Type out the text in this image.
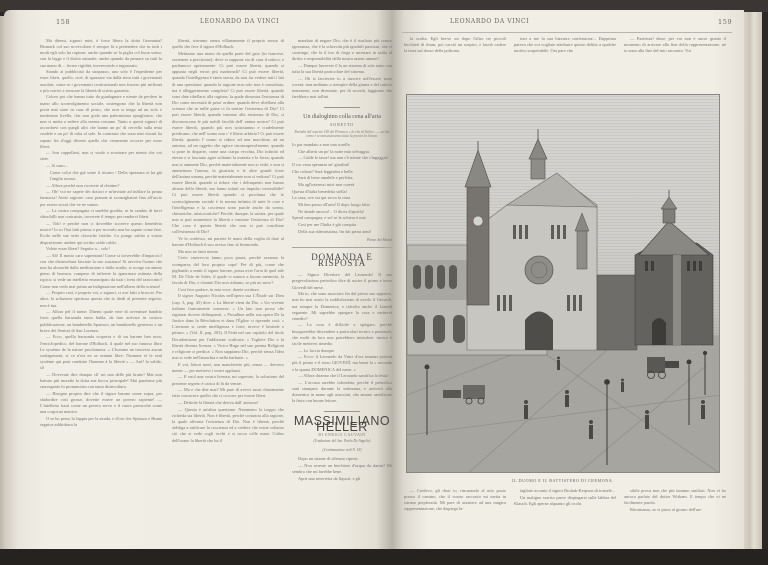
158	LEONARDO DA VINCI

Ma ditemi, signori miei, è forse libera la dotta Germania? Bismark col suo novecolone è sempre là a pretendere che in tutti i modi egli solo ha ragione, anche quando se la piglia col buon senso, con la legge e il diritto naturale, anche quando da pensare su tutti la sua mano di.... ferreo rigidità, inverecondo e ingrassato.

Stando ai pubblicisti da strapazzo, uno solo è l'espediente per esser liberi, quello, cioè, di spazzare via dalla terra tutti i governanti assoluti; come se i governanti costituzionali non fossero più inclinati e più corrivi a troncare la libertà di scritto gazzetta.

Coloro poi che hanno tutto da guadagnare e niente da perdere in mano allo sconvolgimento sociale, sostengono che la libertà non potrà mai stare in casa di posto, che non si tenga ad un solo e medesimo livello, che non goda una palermitana spragliance, che non si metta a sedere alla mensa comune. Tanto a questi signori di accordarvi con quegli altri che hanno un po' di cervello sulla testa crudele e un po' di roba al sole. In contrasto che sono mai vissuti ha saputo fin d'oggi divenir quello che veramente occorre per esser liberi.

— Son cappellani, non ci vuole a scontrare per niente che voi siete.

— Si sono...

Come colui che già sente il ritorno / Della speranza et ha già l'anglio mosso.

— Allora perchè non ricorrete al chinino?

— Oh! voi ne sapete dei dottori e m'invitate ad infilare la prima farmacia! Avete ragione: caro pensate ai sconsigliatori fino all'uscio per essere sicuri che ve ne vanno.

— La vostra compagnia ci sarebbe gradita, se in cambio di farvi chinchilli non costruiste, troverete il tempo per rendervi liberi.

— Toh! e perchè non ci dovrebbe scorrere questo benedetto nostro? Io so l'hai fatti prima; e per trovarlo non ho saputo come fare. Ecolo nelle sue sette classiche fatiche. Lo pongo subito a vostra disposizione: andate qui scritto caldo caldo.

Volete esser liberi? Seguite a... solo!

— Ah! Il motto caro sapientoni! Come si troverebbe d'impaccio! con che disinvoltura lasciate la suo sostanza! Si ravviva l'uomo che non ha alcunché dalla meditazione e dallo studio; si scorge un animo pieno di bravura, campeso di infierire la ignoranza ostinata della topica; si vede un intelletto emancipato da tutti i freni del raziocinio! Come non vedo mai prima un'indignazione nell'albero della scienza!

— Proprio così, e proprio voi, o signori, ci ave fatti a braccio. Per altro, la soluzione spiritosa questa che io diedi al presente segreto, non è tua.

— Allora pel il nome. Ditemi quale eroe di avventure bandito fuori quella baraonda tanto balda, da fare arrivare in costoro pubblicazione, un bambinello Spartaco, un bambinello generoso e un bravo dei Seniori di San Lorenzo.

— Ecco, quella baraonda scoperta e di un barone ben noto, l'enciclopedico, del barone d'Holbach, il quale nel suo famoso libro Le système de la nature proclamava: « L'homme ne trouvera aucun soulagement, si ce n'est en se sentant libre: l'homme et le seul système qui peut conduire l'homme à la liberté » — Anf! la valide, sì!

— Dovevate dire dunque ch' sei una delle più brutte! Mai non battuto più mortale la dotta sua bocca principale! Mai paralasse più stravagante fu pronunciata con tanta disinvoltura.

— Bisogna proprio dire che il signor barone come sopra, per sbalordire così grosse, dovette essere un povero sapiente! — L'intelletto fuori come un povero servo e il cuore pressoché come una cospicua matrice.

O se ho perso la Jappia per la strada, e d'oro che Spinoza e Hume seguiva addirittura la

libertà, stavamo senza villanamente il proprio stesso di quello che fece il signor d'Holbach.

Mettiamo una mano da quella parte del gaio (in francese, sostenere a precisione); dove si suppone sia di casa il mitico, e parliamoci apertamente: Ci può essere libertà, quando si appunta negli errori più madornali? Ci può essere libertà, quando l'intelligenza è tanto storta, da non far vedere tutti i lati di una questione; quando la ragione non solo non è consultata, ma è alleggerimento completa? Ci può essere libertà, quando sono date ribellarsi alla ragione, la quale dimostra l'esistenza di Dio come necessità di prim' ordine; quando deve ribellarsi alla scienza che in mille guise ci fa sentire l'esistenza di Dio? Ci può essere libertà, quando insieme alla esistenza di Dio, si disconoscono le più nobili facoltà dell' anima nostra? Ci può essere libertà, quando più non sottostanno e crudelmente predicano: che nell' uomo non c' è libero arbitrio? Ci può essere libertà, quando l' uomo si riduce ad una macchina, ad un automa, ad un oggetto che agisce inconsapevolmente; quando si pone in disparte, come una ciarpa vecchia, Dio infinito ed eterno e si lasciano agire soltanto la materia e la forza; quando non si ammette Dio, perchè materialmente non si vede, e non si ammettono l'anima, la giustizia e le altre grandi forze dell'anima umana, perchè materialmente non si vedono? Ci può essere libertà, quando si riduce che i delinquenti non hanno alcuna della libertà, ma fanno infatti un impulso irresistibile? Ci può essere libertà quando si proclama che lo sconvolgimento sociale è la norma infinita di tutte le cose e l'intelligenza e la coscienza sono parole anche da sonno, chimeriche, aristocratiche? Perchè, dunque, la nostra, per quale non si può ammettere la libertà e insieme l'esistenza di Dio? Che cosa è questa libertà che non si può conciliare coll'esistenza di Dio?

Ve lo confesso, mi pareste le mani della voglia di dare al barone d'Holbach il suo avviso fino al finimondo.

Ma non ne fanti niente.

Certo casereccia fanno poca paura, perchè avranno la scomparsa del loro proprio capo! Per di più, come che pigliando a sentir il signor barone, possa aver l'aria di quel tale M. De l'Isle de Sales, il quale ci mancò a buona memoria, la favola di Dio, e chiamò Dio non ridiamo, se più no novo?

Così fece parlare, in mia voce, darete scritture.

Il signor Augusto Nicolas nell'opera sua L'Étude sur Dieu (cap. 3, pag. 45) dice: « La liberté vient du Dio. » Un vivente italiano francamente conserva: « Un lato non posso che ragionar dovere delinquenti. » Proudhon nella sua opera De la Justice dans la Révolution et dans l'Église ci riprende così: « L'ateismo si crede intelligenza e forte, invece è bestiale e pitturo. » (Vol. II, pag. 203). Il Feità nel suo capitolo del titolo Decadentisme per l'addizione scultoria: « Togliete Dio e la libertà diventa licenza. » Victor Hugo nel suo poema Religioni e religione ci predica: « Non sappiamo Dio, perchè senza l'idea non si vede nell'anarchia e nella barbarie. »

E voi, lettori miei, non mancherete più, senza — davvero mente — per mettervi i vostri applausi.

— E vuol una vostra licenza, mi sapevate, la soluzione del presente segreto è carica di là da venire.

— Ma e che dite mai? Mi pare di averci assai chiaramente fatto conoscere quello che ci occorre per essere liberi.

— Definite la libertà che deriva dall' ateismo!

— Questa è un'altra questione. Nemmeno la troppo che richieda sia libertà. Non è libertà, perchè contraria alla ragione, la quale afferma l'esistenza di Dio. Non è libertà, perchè obbliga a ratificare la coscienza ed a credere che esiste soltanto ciò che si vede cogli occhi e si tocca colle mani. Cultus dell'uomo la libertà che ha il

mandato di negare Dio, che è il risultato più crasso ignoranza, che è la schiavitù più ignobili passioni, che ci costringe, che fa il tiro di frega e arrestare in salita al diritto e responsabilità della nostra azioni umane!

— Dunque lascerete il la un sistema di sola tanto con tutta la sua libertà particolare del sistema.

— Oh si lascierete io a riuscire nell'essere stato roveni; non andiamo a riempire della giunta e del cattivo nemmeno; non diventate, per di società, laggiamo che farebbero mai tollini.

Un dialoghino colla cena all'aria
SONETTO
Parodia del sonetto 158 del Petrarca « Io che di Italia » — scritto come è sconosciutissimo tutta la poesia la lettura.

Io par mandato a non una sorella

Che alberti un po' la notte mia selvaggia.

— Calde le tasse! ma non c'è niente che s'ingaggia!

Il cor vana speranza ne' giardini!

Che colana? Sarà leggiadra e bella

Sarà di bene amabile e perfetta;

Ma agl'interessi miei non curerà

Questa d'Italia benedetta stella!

La casa, ove sia qui trovo la cena

Mi ben posso all'aria! Il dopo luogo fatto

Ne dunde ancora!... O dicea d'aprirla!

Speral campagna; e sol se la schiera è mio

Così per me l'Italia è già compita

Della sua ridentissima, fin dai primi anni!

Pietro dei Monti
DOMANDA E RISPOSTA

— Signor Direttore del Leonardo! Il suo pregevolissimo periodico dice di uscire il primo e terzo Giovedì del mese.

Ma io, che sono associato fin dal primo suo apparire, non ho mai avuto la soddisfazione di averlo il Giovedì, ma sempre la Domenica, e talvolta anche il Lunedì seguente. Mi saprebbe spiegare la cosa e mettervi rimedio?

— La cosa è difficile a spiegare, perchè bisognerebbe discendere a particolari tecnici e personali, che molti da loro non potrebbero intendere: invece è facile mettervi rimedio.

— Lo faccia dunque.

— Ecco: il Leonardo da Vinci d'ora innanzi porterà più il primo e il terzo GIOVEDÌ, ma bensì la « seconda e la quarta DOMENICA del mese. »

— Allora diranno che il Leonardo santifica la festa!

— L'accusa sarebbe infondata, perchè il periodico sarà stampato durante la settimana, e arriverà alla domenica in mano agli associati, che amano santificare la festa con buone letture.

MASSIMILIANO HELLER
DI ENRICO CAUVAIN
(Traduzione del Sac. Paolo De Angelis)
(Continuazione vedi N. 18)

Dopo un istante di silenzio ripresi:

— Non avreste un biechiere d'acqua da darmi? Mi sembra che mi farebbe bene.

Aprii una taverretta da liquori, e gli

LEONARDO DA VINCI	159

la scolta. Egli bevve un dopo l'altro tre piccoli bicchieri di rhum; poi cacciò un sospiro, e lasciò cadere la testa sul dosso della poltrona.

toni a me la sua bizzarra confessione... Dapprima pareva che voi vogliate attribuire questo delitto a qualche motivo sospettabile. Ora pare che

— Pazienza! disse, per voi non è ancor giunto il momento di arrivare alla fine della rappresentazione, nè io sono alla fine del mio racconto. Voi

IL DUOMO E IL BATTISTERO DI CREMONA.

— Credevo, gli dissi io, rincarando al mio posto presso il camino, che il vostro racconto mi metta in istrano perplessità. Mi pare di assistere ad una magica rappresentazione, che dispiega la-

tagliate accanto il signor Brohak-Kerpson di trarsele...

Un maligno sorriso parve dispiegarsi sulle labbra del Klauch. Egli aperse alquanto gli occhi.

sibile prova non che più faranno siniliari. Non vi ho ancora parlato del dottor Wirkam. Il tempo che vi ne facilmente parola.

Ritorniamo, se vi piace al giorno dell'arr-
